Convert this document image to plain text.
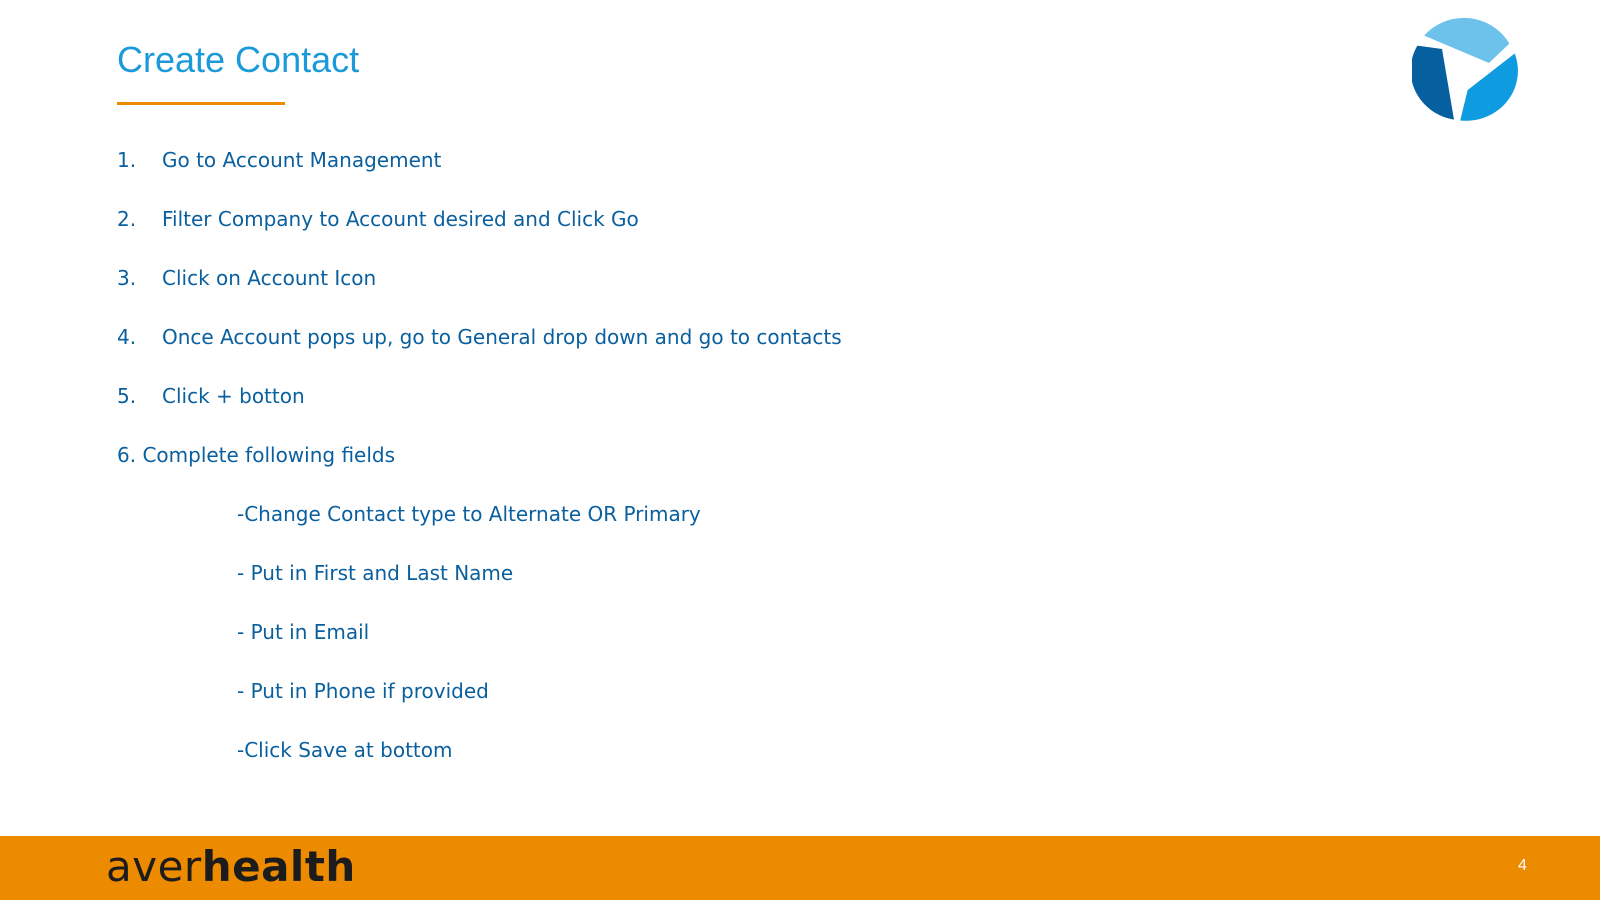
Create Contact
1. Go to Account Management
2. Filter Company to Account desired and Click Go
3. Click on Account Icon
4. Once Account pops up, go to General drop down and go to contacts
5. Click + botton
6. Complete following fields
-Change Contact type to Alternate OR Primary
- Put in First and Last Name
- Put in Email
- Put in Phone if provided
-Click Save at bottom
averhealth	4
